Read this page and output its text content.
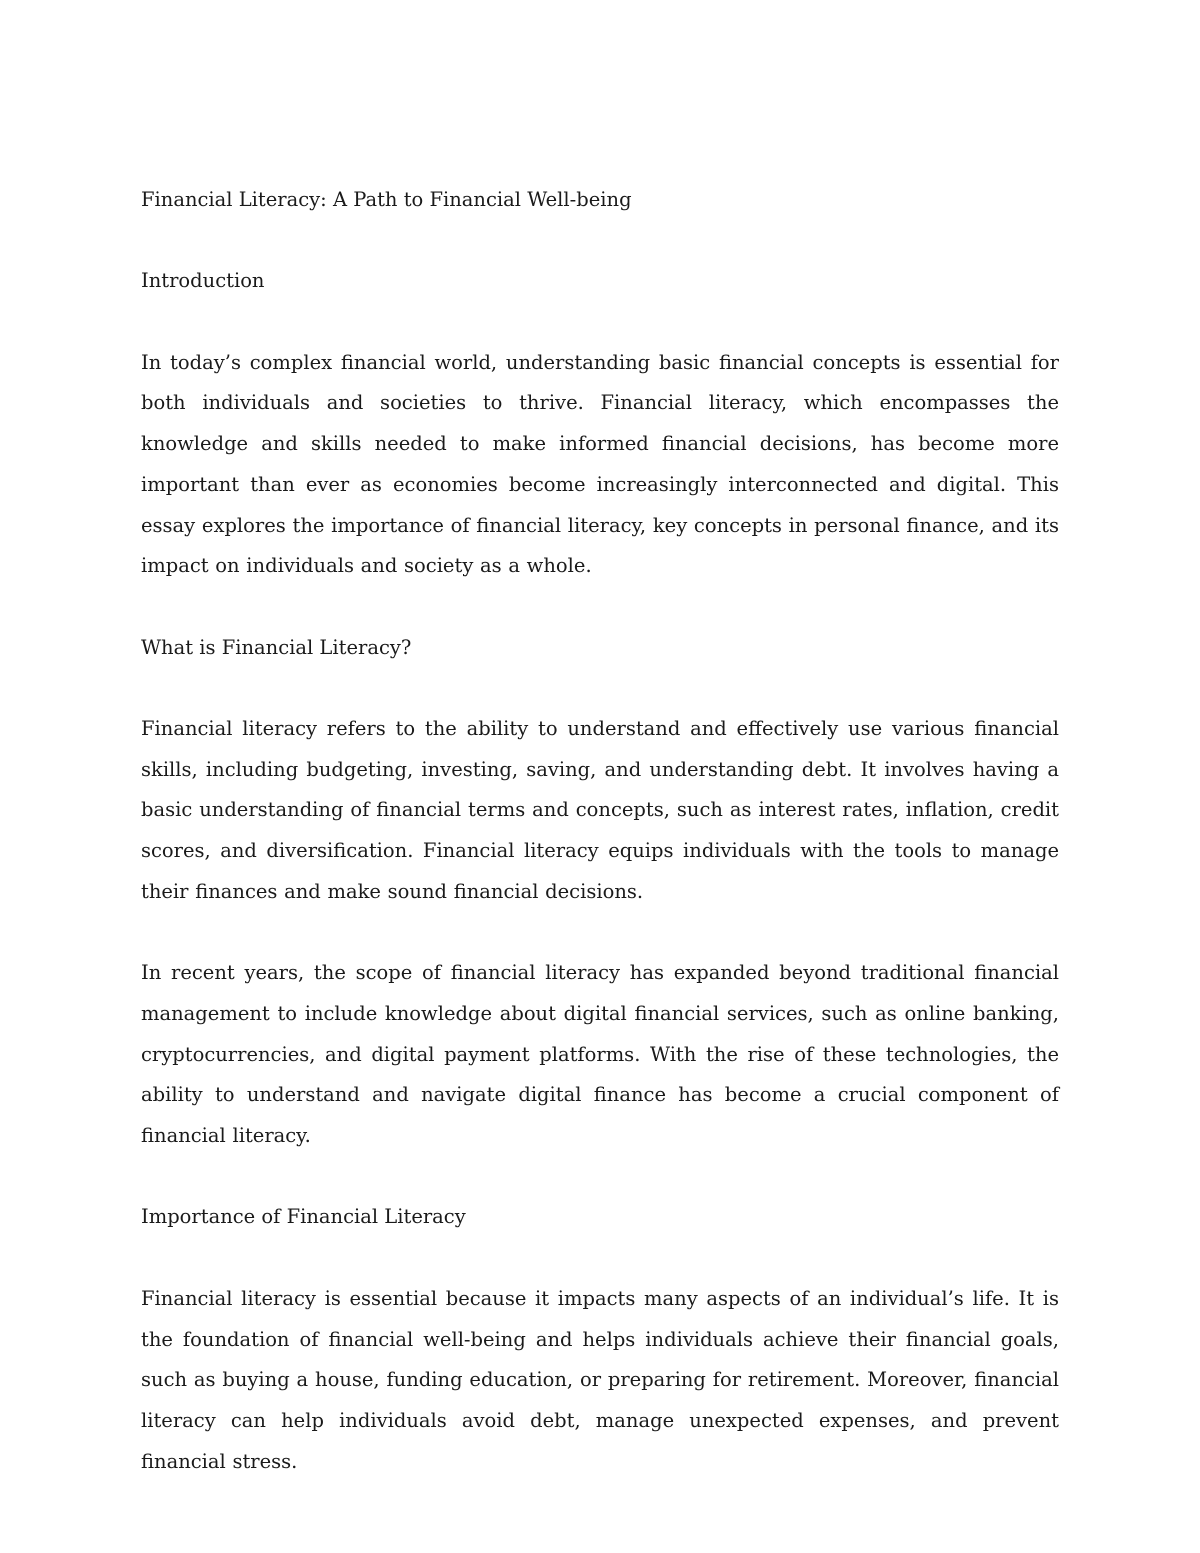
Financial Literacy: A Path to Financial Well-being

Introduction

In today’s complex financial world, understanding basic financial concepts is essential for both individuals and societies to thrive. Financial literacy, which encompasses the knowledge and skills needed to make informed financial decisions, has become more important than ever as economies become increasingly interconnected and digital. This essay explores the importance of financial literacy, key concepts in personal finance, and its impact on individuals and society as a whole.

What is Financial Literacy?

Financial literacy refers to the ability to understand and effectively use various financial skills, including budgeting, investing, saving, and understanding debt. It involves having a basic understanding of financial terms and concepts, such as interest rates, inflation, credit scores, and diversification. Financial literacy equips individuals with the tools to manage their finances and make sound financial decisions.

In recent years, the scope of financial literacy has expanded beyond traditional financial management to include knowledge about digital financial services, such as online banking, cryptocurrencies, and digital payment platforms. With the rise of these technologies, the ability to understand and navigate digital finance has become a crucial component of financial literacy.

Importance of Financial Literacy

Financial literacy is essential because it impacts many aspects of an individual’s life. It is the foundation of financial well-being and helps individuals achieve their financial goals, such as buying a house, funding education, or preparing for retirement. Moreover, financial literacy can help individuals avoid debt, manage unexpected expenses, and prevent financial stress.
